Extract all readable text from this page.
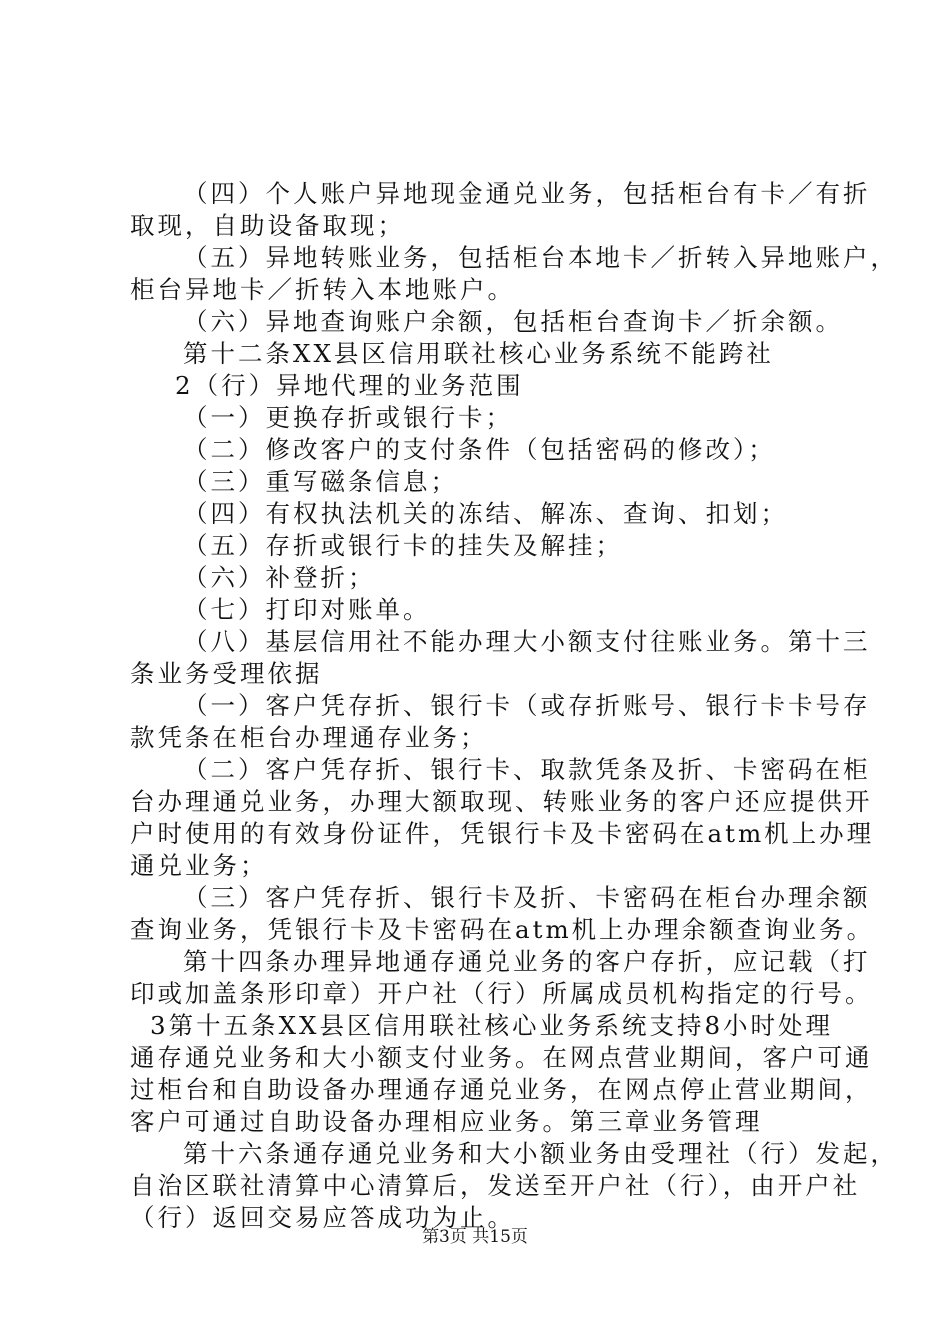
（四）个人账户异地现金通兑业务，包括柜台有卡／有折
取现，自助设备取现；
（五）异地转账业务，包括柜台本地卡／折转入异地账户，
柜台异地卡／折转入本地账户。
（六）异地查询账户余额，包括柜台查询卡／折余额。
第十二条XX县区信用联社核心业务系统不能跨社
2（行）异地代理的业务范围
（一）更换存折或银行卡；
（二）修改客户的支付条件（包括密码的修改）；
（三）重写磁条信息；
（四）有权执法机关的冻结、解冻、查询、扣划；
（五）存折或银行卡的挂失及解挂；
（六）补登折；
（七）打印对账单。
（八）基层信用社不能办理大小额支付往账业务。第十三
条业务受理依据
（一）客户凭存折、银行卡（或存折账号、银行卡卡号存
款凭条在柜台办理通存业务；
（二）客户凭存折、银行卡、取款凭条及折、卡密码在柜
台办理通兑业务，办理大额取现、转账业务的客户还应提供开
户时使用的有效身份证件，凭银行卡及卡密码在atm机上办理
通兑业务；
（三）客户凭存折、银行卡及折、卡密码在柜台办理余额
查询业务，凭银行卡及卡密码在atm机上办理余额查询业务。
第十四条办理异地通存通兑业务的客户存折，应记载（打
印或加盖条形印章）开户社（行）所属成员机构指定的行号。
3第十五条XX县区信用联社核心业务系统支持8小时处理
通存通兑业务和大小额支付业务。在网点营业期间，客户可通
过柜台和自助设备办理通存通兑业务，在网点停止营业期间，
客户可通过自助设备办理相应业务。第三章业务管理
第十六条通存通兑业务和大小额业务由受理社（行）发起，
自治区联社清算中心清算后，发送至开户社（行），由开户社
（行）返回交易应答成功为止。
第3页 共15页
